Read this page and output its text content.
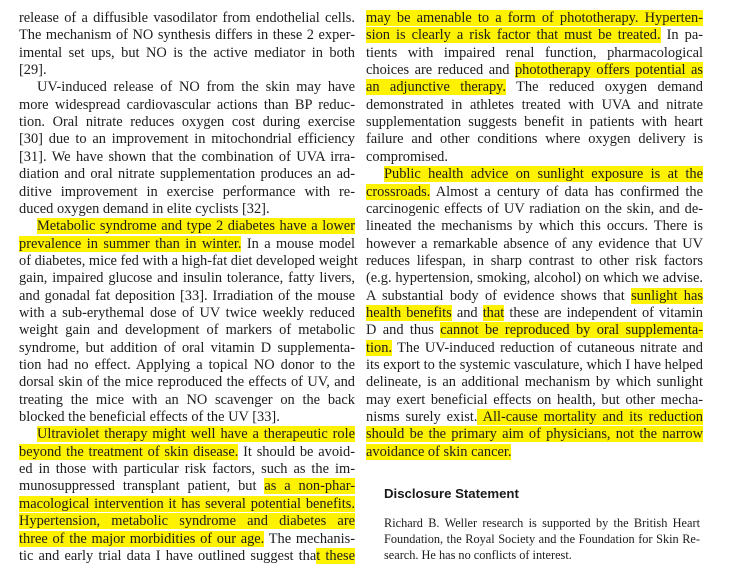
release of a diffusible vasodilator from endothelial cells.
The mechanism of NO synthesis differs in these 2 exper-
imental set ups, but NO is the active mediator in both
[29].
UV-induced release of NO from the skin may have
more widespread cardiovascular actions than BP reduc-
tion. Oral nitrate reduces oxygen cost during exercise
[30] due to an improvement in mitochondrial efficiency
[31]. We have shown that the combination of UVA irra-
diation and oral nitrate supplementation produces an ad-
ditive improvement in exercise performance with re-
duced oxygen demand in elite cyclists [32].
Metabolic syndrome and type 2 diabetes have a lower
prevalence in summer than in winter. In a mouse model
of diabetes, mice fed with a high-fat diet developed weight
gain, impaired glucose and insulin tolerance, fatty livers,
and gonadal fat deposition [33]. Irradiation of the mouse
with a sub-erythemal dose of UV twice weekly reduced
weight gain and development of markers of metabolic
syndrome, but addition of oral vitamin D supplementa-
tion had no effect. Applying a topical NO donor to the
dorsal skin of the mice reproduced the effects of UV, and
treating the mice with an NO scavenger on the back
blocked the beneficial effects of the UV [33].
Ultraviolet therapy might well have a therapeutic role
beyond the treatment of skin disease. It should be avoid-
ed in those with particular risk factors, such as the im-
munosuppressed transplant patient, but as a non-phar-
macological intervention it has several potential benefits.
Hypertension, metabolic syndrome and diabetes are
three of the major morbidities of our age. The mechanis-
tic and early trial data I have outlined suggest that these
may be amenable to a form of phototherapy. Hyperten-
sion is clearly a risk factor that must be treated. In pa-
tients with impaired renal function, pharmacological
choices are reduced and phototherapy offers potential as
an adjunctive therapy. The reduced oxygen demand
demonstrated in athletes treated with UVA and nitrate
supplementation suggests benefit in patients with heart
failure and other conditions where oxygen delivery is
compromised.
Public health advice on sunlight exposure is at the
crossroads. Almost a century of data has confirmed the
carcinogenic effects of UV radiation on the skin, and de-
lineated the mechanisms by which this occurs. There is
however a remarkable absence of any evidence that UV
reduces lifespan, in sharp contrast to other risk factors
(e.g. hypertension, smoking, alcohol) on which we advise.
A substantial body of evidence shows that sunlight has
health benefits and that these are independent of vitamin
D and thus cannot be reproduced by oral supplementa-
tion. The UV-induced reduction of cutaneous nitrate and
its export to the systemic vasculature, which I have helped
delineate, is an additional mechanism by which sunlight
may exert beneficial effects on health, but other mecha-
nisms surely exist. All-cause mortality and its reduction
should be the primary aim of physicians, not the narrow
avoidance of skin cancer.
Disclosure Statement
Richard B. Weller research is supported by the British Heart
Foundation, the Royal Society and the Foundation for Skin Re-
search. He has no conflicts of interest.
